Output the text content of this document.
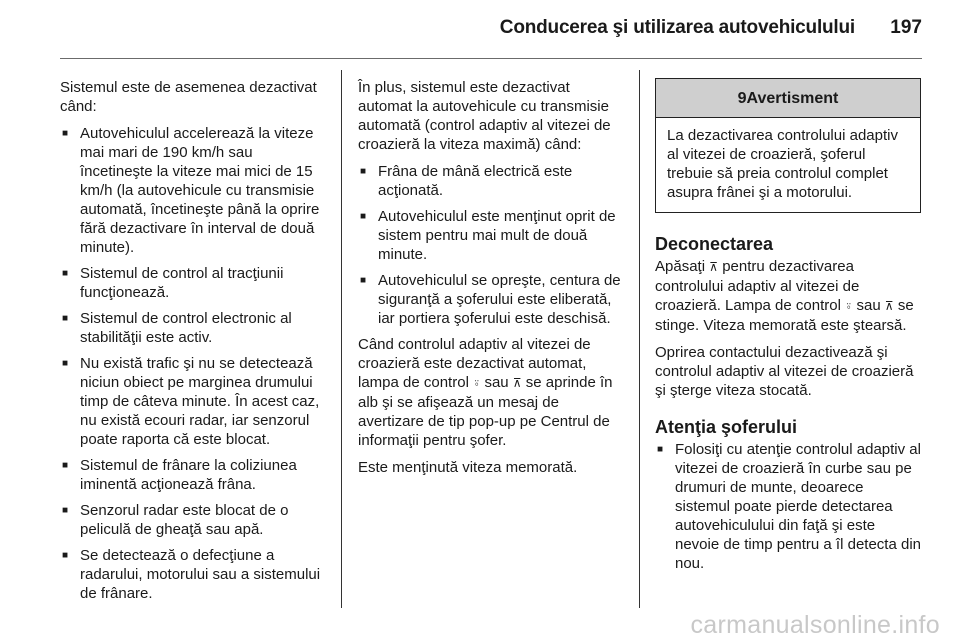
Conducerea şi utilizarea autovehiculului 197

Sistemul este de asemenea dezactivat când:

■ Autovehiculul accelerează la viteze mai mari de 190 km/h sau încetineşte la viteze mai mici de 15 km/h (la autovehicule cu transmisie automată, încetineşte până la oprire fără dezactivare în interval de două minute).
■ Sistemul de control al tracţiunii funcţionează.
■ Sistemul de control electronic al stabilităţii este activ.
■ Nu există trafic şi nu se detectează niciun obiect pe marginea drumului timp de câteva minute. În acest caz, nu există ecouri radar, iar senzorul poate raporta că este blocat.
■ Sistemul de frânare la coliziunea iminentă acţionează frâna.
■ Senzorul radar este blocat de o peliculă de gheaţă sau apă.
■ Se detectează o defecţiune a radarului, motorului sau a sistemului de frânare.

În plus, sistemul este dezactivat automat la autovehicule cu transmisie automată (control adaptiv al vitezei de croazieră la viteza maximă) când:

■ Frâna de mână electrică este acţionată.
■ Autovehiculul este menţinut oprit de sistem pentru mai mult de două minute.
■ Autovehiculul se opreşte, centura de siguranţă a şoferului este eliberată, iar portiera şoferului este deschisă.

Când controlul adaptiv al vitezei de croazieră este dezactivat automat, lampa de control ⍤ sau ⊼ se aprinde în alb şi se afişează un mesaj de avertizare de tip pop-up pe Centrul de informaţii pentru şofer.

Este menţinută viteza memorată.

9Avertisment
La dezactivarea controlului adaptiv al vitezei de croazieră, şoferul trebuie să preia controlul complet asupra frânei şi a motorului.
Deconectarea

Apăsaţi ⊼ pentru dezactivarea controlului adaptiv al vitezei de croazieră. Lampa de control ⍤ sau ⊼ se stinge. Viteza memorată este ştearsă.

Oprirea contactului dezactivează şi controlul adaptiv al vitezei de croazieră şi şterge viteza stocată.

Atenţia şoferului
■ Folosiţi cu atenţie controlul adaptiv al vitezei de croazieră în curbe sau pe drumuri de munte, deoarece sistemul poate pierde detectarea autovehiculului din faţă şi este nevoie de timp pentru a îl detecta din nou.
carmanualsonline.info
